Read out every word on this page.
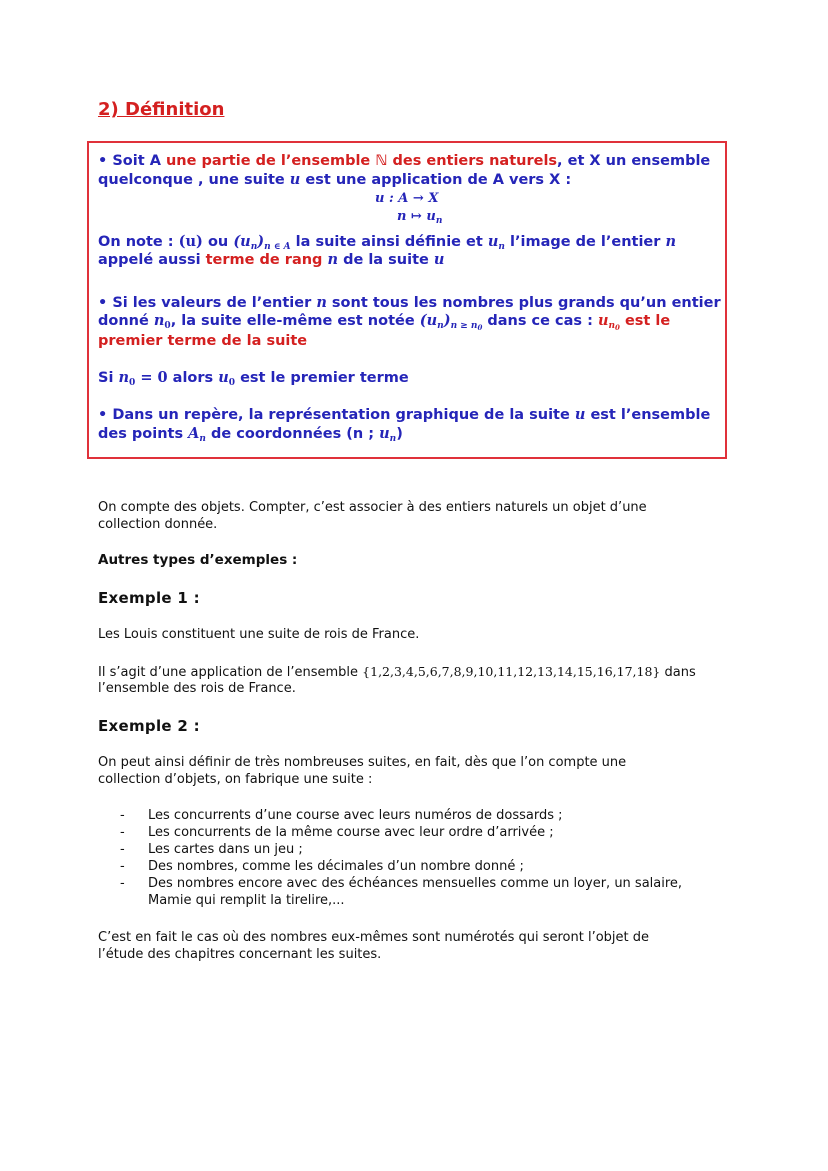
2) Définition

• Soit A une partie de l’ensemble ℕ des entiers naturels, et X un ensemble

quelconque , une suite u est une application de A vers X :

u : A → X
n ↦ $u_n$

On note : (u) ou $(u_n)_{n \in A}$ la suite ainsi définie et $u_n$ l’image de l’entier n

appelé aussi terme de rang n de la suite u

• Si les valeurs de l’entier n sont tous les nombres plus grands qu’un entier

donné $n_0$, la suite elle-même est notée $(u_n)_{n \ge n_0}$ dans ce cas : $u_{n_0}$ est le

premier terme de la suite

Si $n_0 = 0$ alors $u_0$ est le premier terme

• Dans un repère, la représentation graphique de la suite u est l’ensemble

des points $A_n$ de coordonnées (n ; $u_n$)

On compte des objets. Compter, c’est associer à des entiers naturels un objet d’une

collection donnée.

Autres types d’exemples :

Exemple 1 :

Les Louis constituent une suite de rois de France.

Il s’agit d’une application de l’ensemble {1,2,3,4,5,6,7,8,9,10,11,12,13,14,15,16,17,18} dans

l’ensemble des rois de France.

Exemple 2 :

On peut ainsi définir de très nombreuses suites, en fait, dès que l’on compte une

collection d’objets, on fabrique une suite :

- Les concurrents d’une course avec leurs numéros de dossards ;
- Les concurrents de la même course avec leur ordre d’arrivée ;
- Les cartes dans un jeu ;
- Des nombres, comme les décimales d’un nombre donné ;
- Des nombres encore avec des échéances mensuelles comme un loyer, un salaire,
Mamie qui remplit la tirelire,...

C’est en fait le cas où des nombres eux-mêmes sont numérotés qui seront l’objet de

l’étude des chapitres concernant les suites.
